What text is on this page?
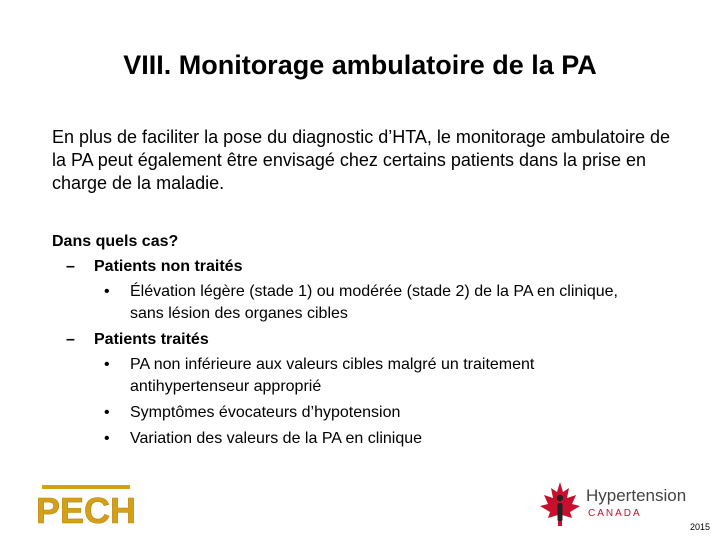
VIII. Monitorage ambulatoire de la PA
En plus de faciliter la pose du diagnostic d’HTA, le monitorage ambulatoire de la PA peut également être envisagé chez certains patients dans la prise en charge de la maladie.
Dans quels cas?
– Patients non traités
•	Élévation légère (stade 1) ou modérée (stade 2) de la PA en clinique, sans lésion des organes cibles
– Patients traités
•	PA non inférieure aux valeurs cibles malgré un traitement antihypertenseur approprié
•	Symptômes évocateurs d’hypotension
•	Variation des valeurs de la PA en clinique
PECH	Hypertension
CANADA
2015
